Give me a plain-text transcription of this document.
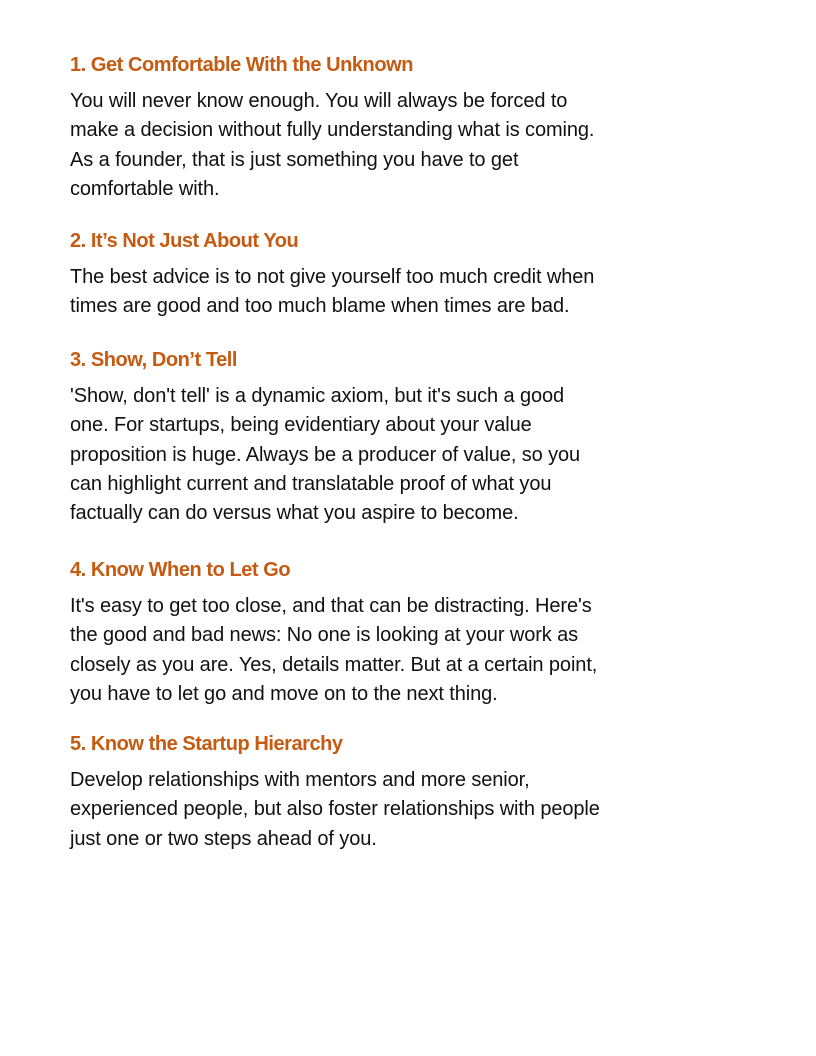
1. Get Comfortable With the Unknown

You will never know enough. You will always be forced to
make a decision without fully understanding what is coming.
As a founder, that is just something you have to get
comfortable with.

2. It’s Not Just About You

The best advice is to not give yourself too much credit when
times are good and too much blame when times are bad.

3. Show, Don’t Tell

'Show, don't tell' is a dynamic axiom, but it's such a good
one. For startups, being evidentiary about your value
proposition is huge. Always be a producer of value, so you
can highlight current and translatable proof of what you
factually can do versus what you aspire to become.

4. Know When to Let Go

It's easy to get too close, and that can be distracting. Here's
the good and bad news: No one is looking at your work as
closely as you are. Yes, details matter. But at a certain point,
you have to let go and move on to the next thing.

5. Know the Startup Hierarchy

Develop relationships with mentors and more senior,
experienced people, but also foster relationships with people
just one or two steps ahead of you.
